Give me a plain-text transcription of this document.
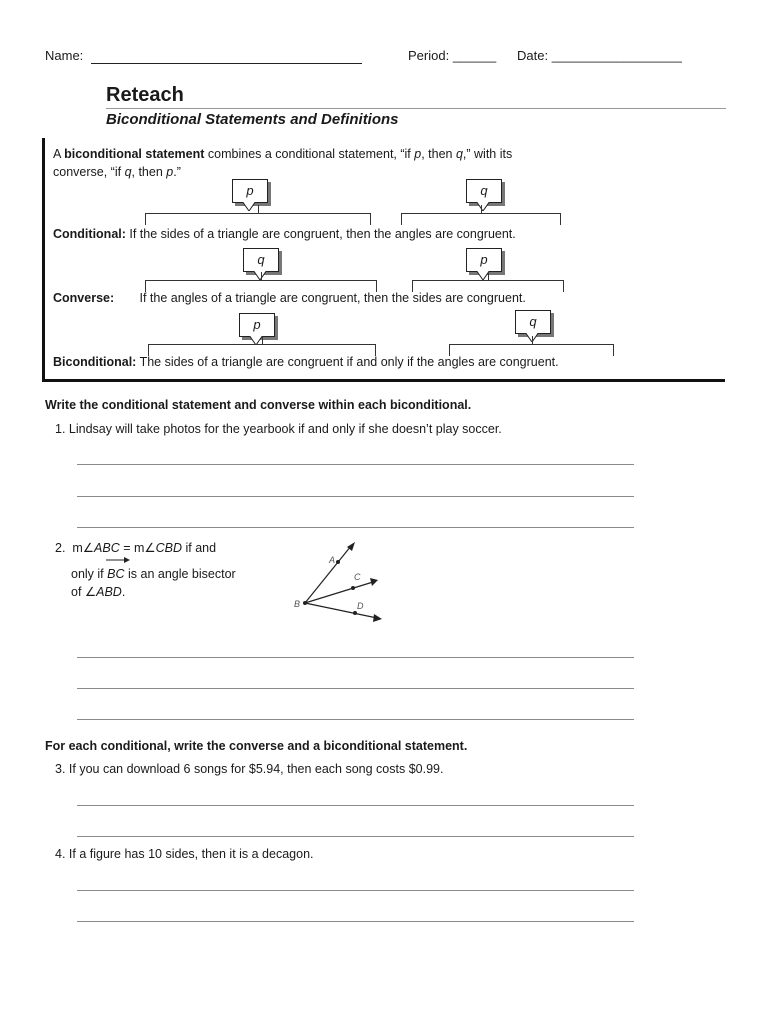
Name:	Period: ______ Date: __________________
Reteach
Biconditional Statements and Definitions
A biconditional statement combines a conditional statement, “if p, then q,” with its
converse, “if q, then p.”
p	q
Conditional: If the sides of a triangle are congruent, then the angles are congruent.
q	p
Converse: If the angles of a triangle are congruent, then the sides are congruent.
p	q
Biconditional: The sides of a triangle are congruent if and only if the angles are congruent.
Write the conditional statement and converse within each biconditional.
1. Lindsay will take photos for the yearbook if and only if she doesn’t play soccer.
2. m∠ABC = m∠CBD if and
only if
BC is an angle bisector
of ∠ABD.
A
B
C
D
For each conditional, write the converse and a biconditional statement.
3. If you can download 6 songs for $5.94, then each song costs $0.99.
4. If a figure has 10 sides, then it is a decagon.
